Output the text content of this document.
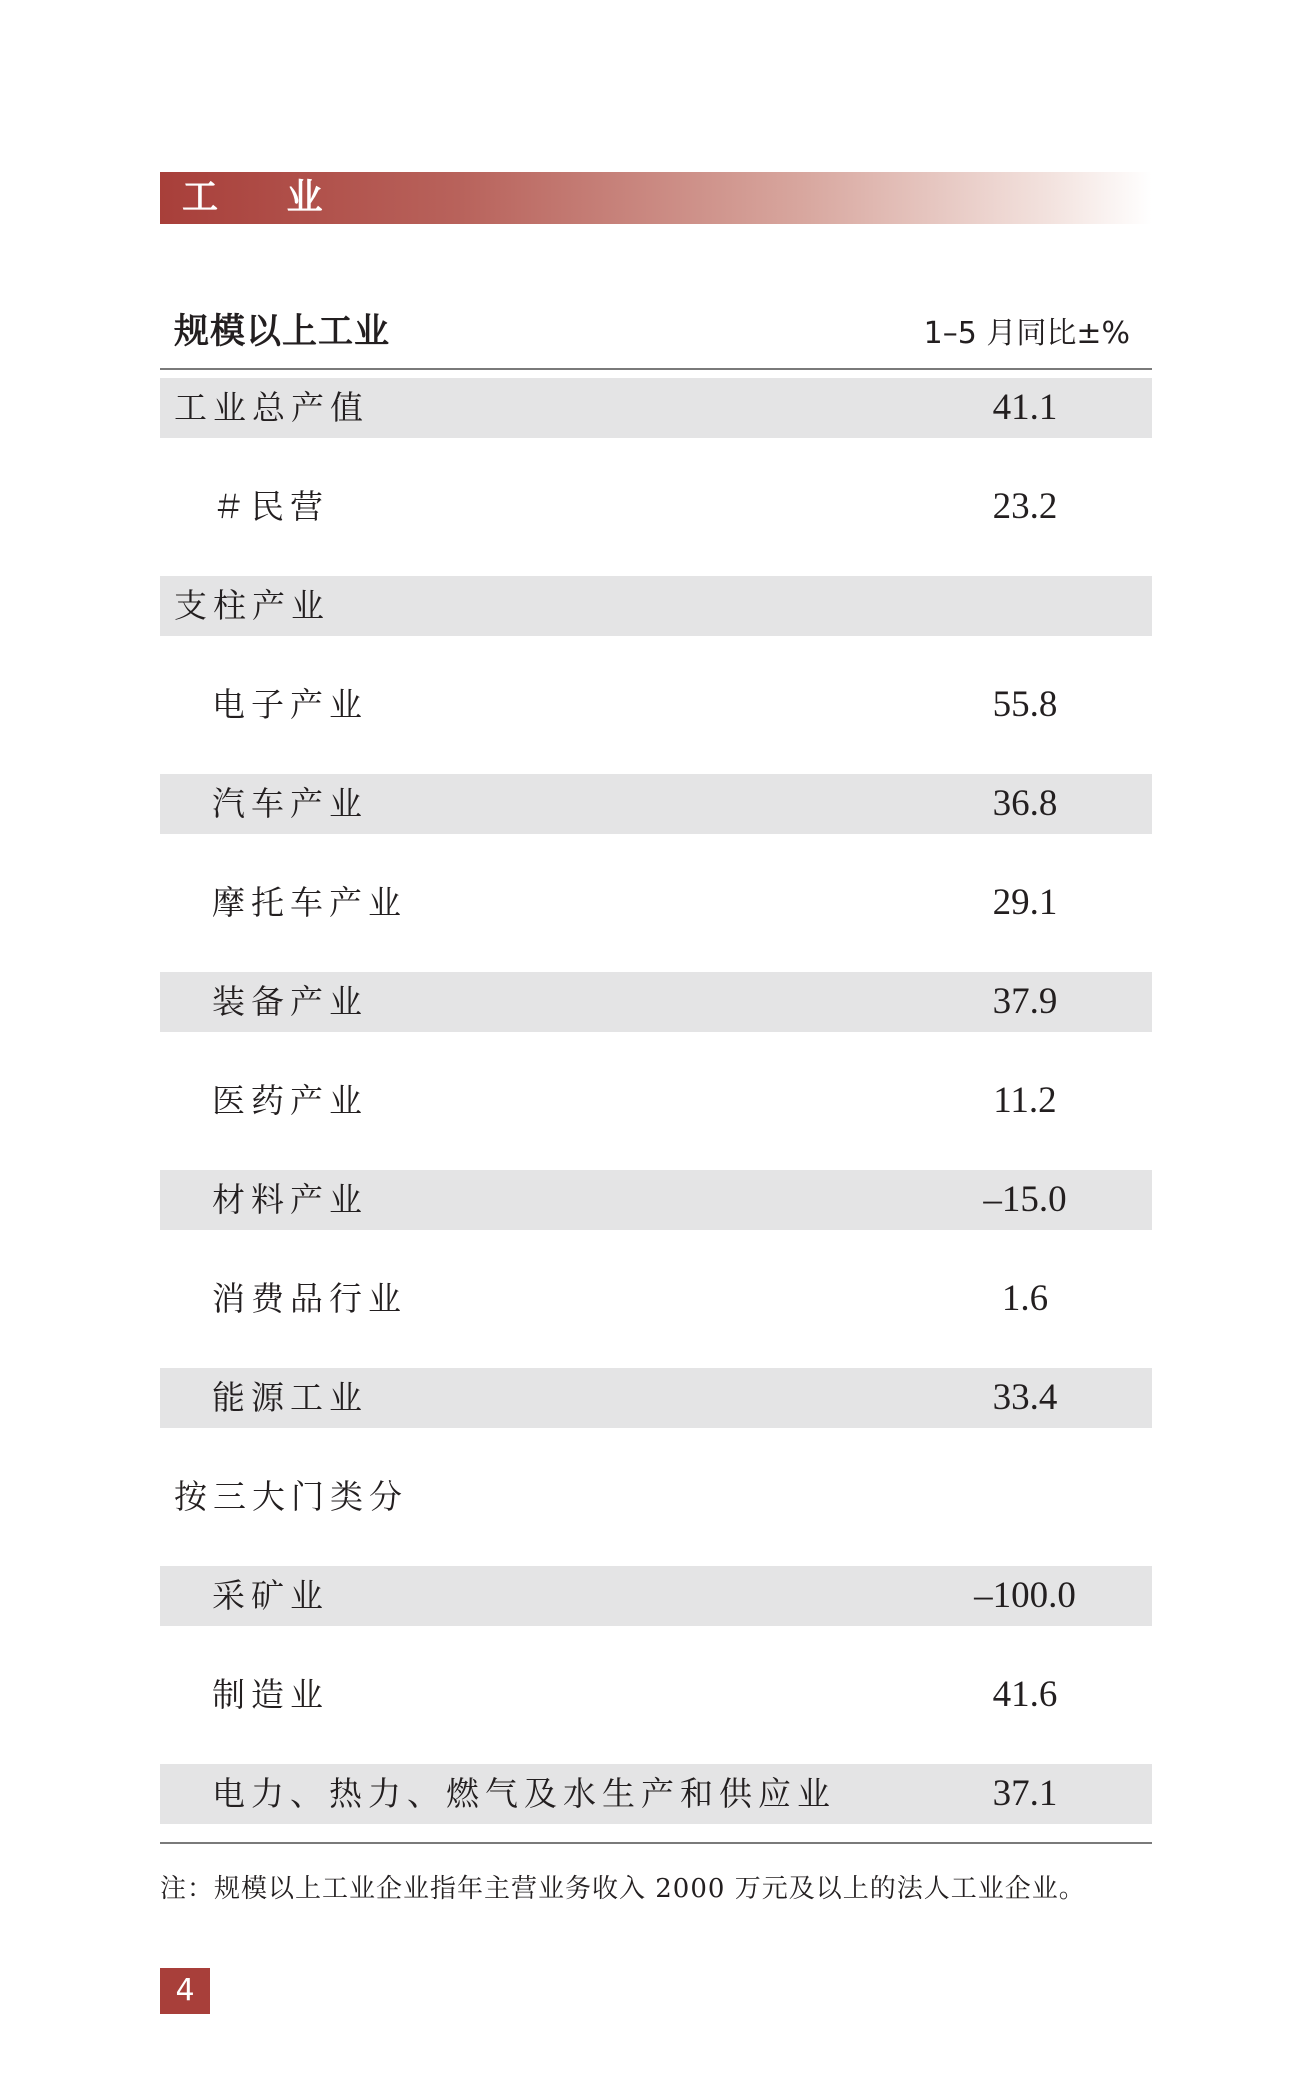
工 业
规模以上工业	1–5 月同比±%
工业总产值	41.1
＃民营	23.2
支柱产业
电子产业	55.8
汽车产业	36.8
摩托车产业	29.1
装备产业	37.9
医药产业	11.2
材料产业	–15.0
消费品行业	1.6
能源工业	33.4
按三大门类分
采矿业	–100.0
制造业	41.6
电力、热力、燃气及水生产和供应业	37.1
注：规模以上工业企业指年主营业务收入 2000 万元及以上的法人工业企业。
4
